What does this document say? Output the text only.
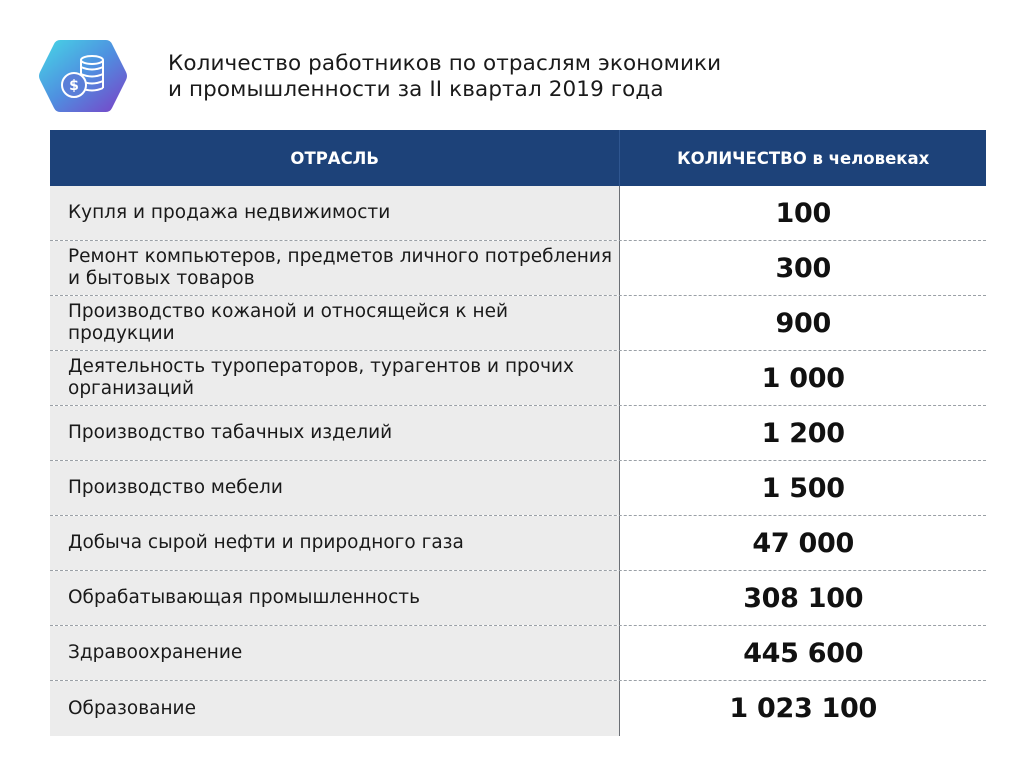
$
Количество работников по отраслям экономики
и промышленности за II квартал 2019 года
ОТРАСЛЬ	КОЛИЧЕСТВО в человеках
Купля и продажа недвижимости	100
Ремонт компьютеров, предметов личного потребления и бытовых товаров	300
Производство кожаной и относящейся к ней продукции	900
Деятельность туроператоров, турагентов и прочих организаций	1 000
Производство табачных изделий	1 200
Производство мебели	1 500
Добыча сырой нефти и природного газа	47 000
Обрабатывающая промышленность	308 100
Здравоохранение	445 600
Образование	1 023 100
